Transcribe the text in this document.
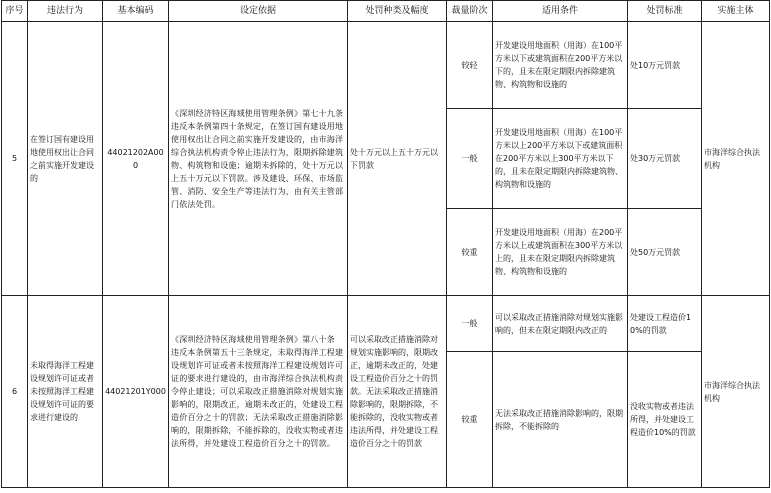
序号	违法行为	基本编码	设定依据	处罚种类及幅度	裁量阶次	适用条件	处罚标准	实施主体
5	在签订国有建设用地使用权出让合同之前实施开发建设的	44021202A000	《深圳经济特区海域使用管理条例》第七十九条　违反本条例第四十条规定，在签订国有建设用地使用权出让合同之前实施开发建设的，由市海洋综合执法机构责令停止违法行为，限期拆除建筑物、构筑物和设施；逾期未拆除的，处十万元以上五十万元以下罚款。涉及建设、环保、市场监管、消防、安全生产等违法行为，由有关主管部门依法处罚。	处十万元以上五十万元以下罚款	较轻	开发建设用地面积（用海）在100平方米以下或建筑面积在200平方米以下的，且未在限定期限内拆除建筑物、构筑物和设施的	处10万元罚款	市海洋综合执法机构
					一般	开发建设用地面积（用海）在100平方米以上200平方米以下或建筑面积在200平方米以上300平方米以下的，且未在限定期限内拆除建筑物、构筑物和设施的	处30万元罚款	
					较重	开发建设用地面积（用海）在200平方米以上或建筑面积在300平方米以上的，且未在限定期限内拆除建筑物、构筑物和设施的	处50万元罚款	
6	未取得海洋工程建设规划许可证或者未按照海洋工程建设规划许可证的要求进行建设的	44021201Y000	《深圳经济特区海域使用管理条例》第八十条　违反本条例第五十三条规定，未取得海洋工程建设规划许可证或者未按照海洋工程建设规划许可证的要求进行建设的，由市海洋综合执法机构责令停止建设；可以采取改正措施消除对规划实施影响的，限期改正，逾期未改正的，处建设工程造价百分之十的罚款；无法采取改正措施消除影响的，限期拆除，不能拆除的，没收实物或者违法所得，并处建设工程造价百分之十的罚款。	可以采取改正措施消除对规划实施影响的，限期改正，逾期未改正的，处建设工程造价百分之十的罚款。无法采取改正措施消除影响的，限期拆除，不能拆除的，没收实物或者违法所得，并处建设工程造价百分之十的罚款	一般	可以采取改正措施消除对规划实施影响的，但未在限定期限内改正的	处建设工程造价10%的罚款	市海洋综合执法机构
					较重	无法采取改正措施消除影响的，限期拆除，不能拆除的	没收实物或者违法所得，并处建设工程造价10%的罚款	
